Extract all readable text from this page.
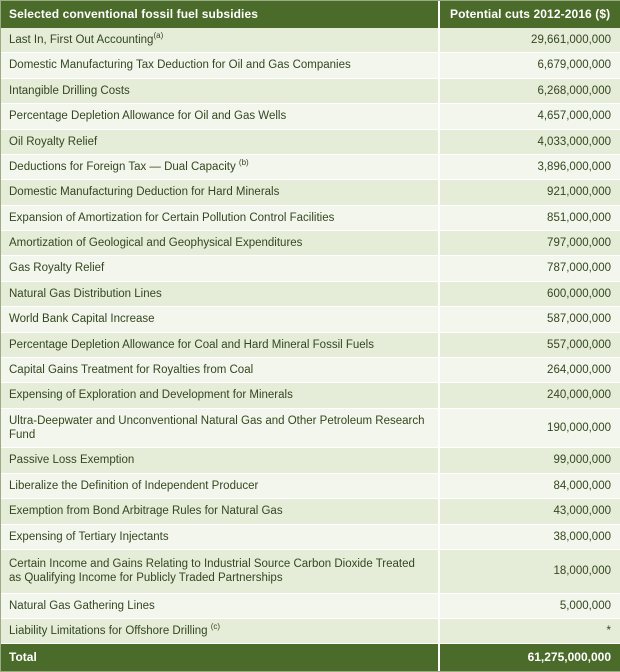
Selected conventional fossil fuel subsidies	Potential cuts 2012-2016 ($)
Last In, First Out Accounting$^{(a)}$	29,661,000,000
Domestic Manufacturing Tax Deduction for Oil and Gas Companies	6,679,000,000
Intangible Drilling Costs	6,268,000,000
Percentage Depletion Allowance for Oil and Gas Wells	4,657,000,000
Oil Royalty Relief	4,033,000,000
Deductions for Foreign Tax — Dual Capacity $^{(b)}$	3,896,000,000
Domestic Manufacturing Deduction for Hard Minerals	921,000,000
Expansion of Amortization for Certain Pollution Control Facilities	851,000,000
Amortization of Geological and Geophysical Expenditures	797,000,000
Gas Royalty Relief	787,000,000
Natural Gas Distribution Lines	600,000,000
World Bank Capital Increase	587,000,000
Percentage Depletion Allowance for Coal and Hard Mineral Fossil Fuels	557,000,000
Capital Gains Treatment for Royalties from Coal	264,000,000
Expensing of Exploration and Development for Minerals	240,000,000
Ultra-Deepwater and Unconventional Natural Gas and Other Petroleum Research Fund	190,000,000
Passive Loss Exemption	99,000,000
Liberalize the Definition of Independent Producer	84,000,000
Exemption from Bond Arbitrage Rules for Natural Gas	43,000,000
Expensing of Tertiary Injectants	38,000,000
Certain Income and Gains Relating to Industrial Source Carbon Dioxide Treated as Qualifying Income for Publicly Traded Partnerships	18,000,000
Natural Gas Gathering Lines	5,000,000
Liability Limitations for Offshore Drilling $^{(c)}$	*
Total	61,275,000,000
